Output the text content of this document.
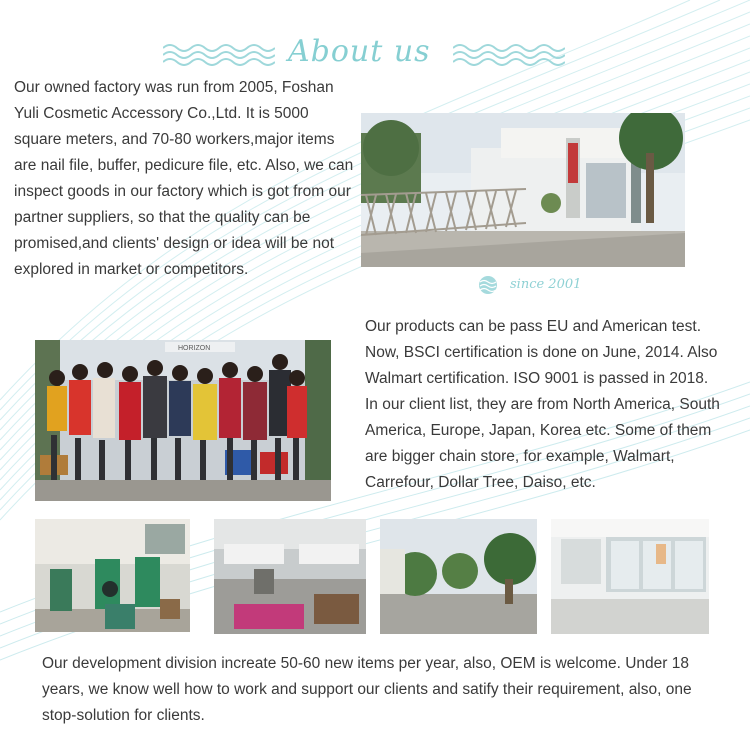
About us
Our owned factory was run from 2005, Foshan Yuli Cosmetic Accessory Co.,Ltd. It is 5000 square meters, and 70-80 workers,major items are nail file, buffer, pedicure file, etc. Also, we can inspect goods in our factory which is got from our partner suppliers, so that the quality can be promised,and clients' design or idea will be not explored in market or competitors.
since 2001
HORIZON
Our products can be pass EU and American test. Now, BSCI certification is done on June, 2014. Also Walmart certification. ISO 9001 is passed in 2018. In our client list, they are from North America, South America, Europe, Japan, Korea etc. Some of them are bigger chain store, for example, Walmart, Carrefour, Dollar Tree, Daiso, etc.
Our development division increate 50-60 new items per year, also, OEM is welcome. Under 18 years, we know well how to work and support our clients and satify their requirement, also, one stop-solution for clients.
